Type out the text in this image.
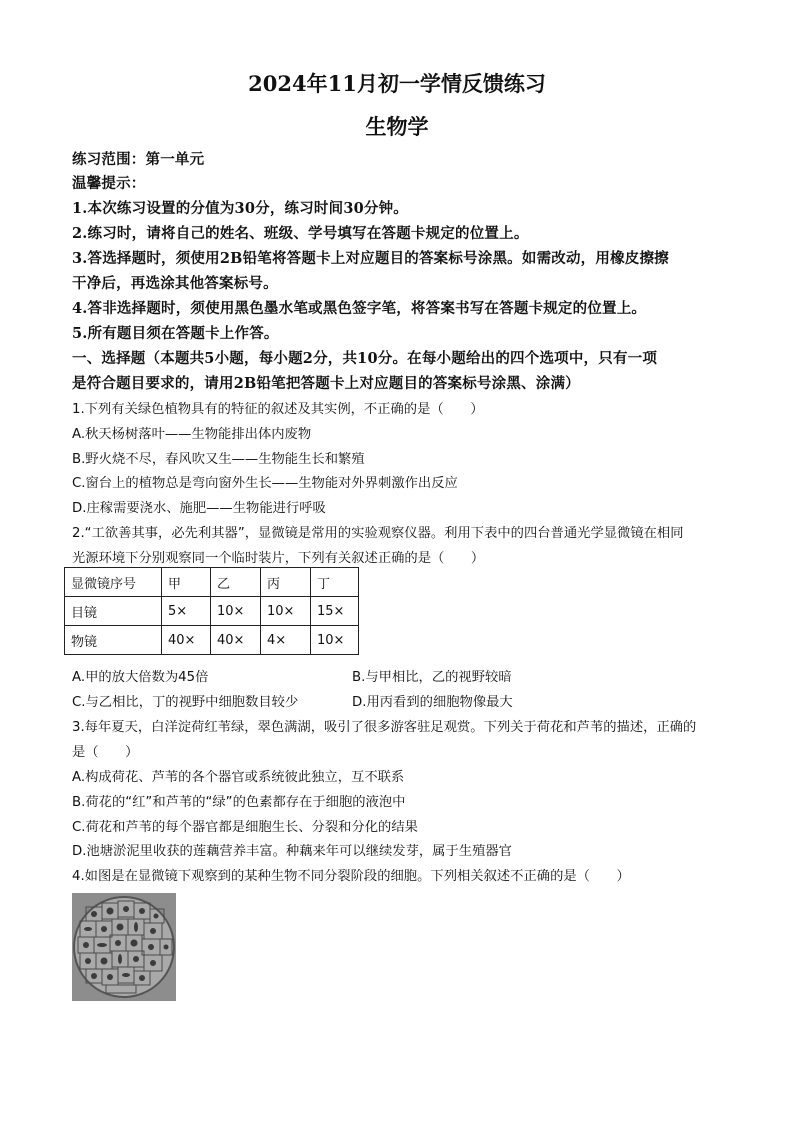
2024年11月初一学情反馈练习
生物学
练习范围：第一单元
温馨提示：
1.本次练习设置的分值为30分，练习时间30分钟。
2.练习时，请将自己的姓名、班级、学号填写在答题卡规定的位置上。
3.答选择题时，须使用2B铅笔将答题卡上对应题目的答案标号涂黑。如需改动，用橡皮擦擦
干净后，再选涂其他答案标号。
4.答非选择题时，须使用黑色墨水笔或黑色签字笔，将答案书写在答题卡规定的位置上。
5.所有题目须在答题卡上作答。
一、选择题（本题共5小题，每小题2分，共10分。在每小题给出的四个选项中，只有一项
是符合题目要求的，请用2B铅笔把答题卡上对应题目的答案标号涂黑、涂满）
1.下列有关绿色植物具有的特征的叙述及其实例，不正确的是（　　）
A.秋天杨树落叶——生物能排出体内废物
B.野火烧不尽，春风吹又生——生物能生长和繁殖
C.窗台上的植物总是弯向窗外生长——生物能对外界刺激作出反应
D.庄稼需要浇水、施肥——生物能进行呼吸
2.“工欲善其事，必先利其器”，显微镜是常用的实验观察仪器。利用下表中的四台普通光学显微镜在相同
光源环境下分别观察同一个临时装片，下列有关叙述正确的是（　　）
显微镜序号	甲	乙	丙	丁
目镜	5×	10×	10×	15×
物镜	40×	40×	4×	10×
A.甲的放大倍数为45倍	B.与甲相比，乙的视野较暗
C.与乙相比，丁的视野中细胞数目较少	D.用丙看到的细胞物像最大
3.每年夏天，白洋淀荷红苇绿，翠色满湖，吸引了很多游客驻足观赏。下列关于荷花和芦苇的描述，正确的
是（　　）
A.构成荷花、芦苇的各个器官或系统彼此独立，互不联系
B.荷花的“红”和芦苇的“绿”的色素都存在于细胞的液泡中
C.荷花和芦苇的每个器官都是细胞生长、分裂和分化的结果
D.池塘淤泥里收获的莲藕营养丰富。种藕来年可以继续发芽，属于生殖器官
4.如图是在显微镜下观察到的某种生物不同分裂阶段的细胞。下列相关叙述不正确的是（　　）
